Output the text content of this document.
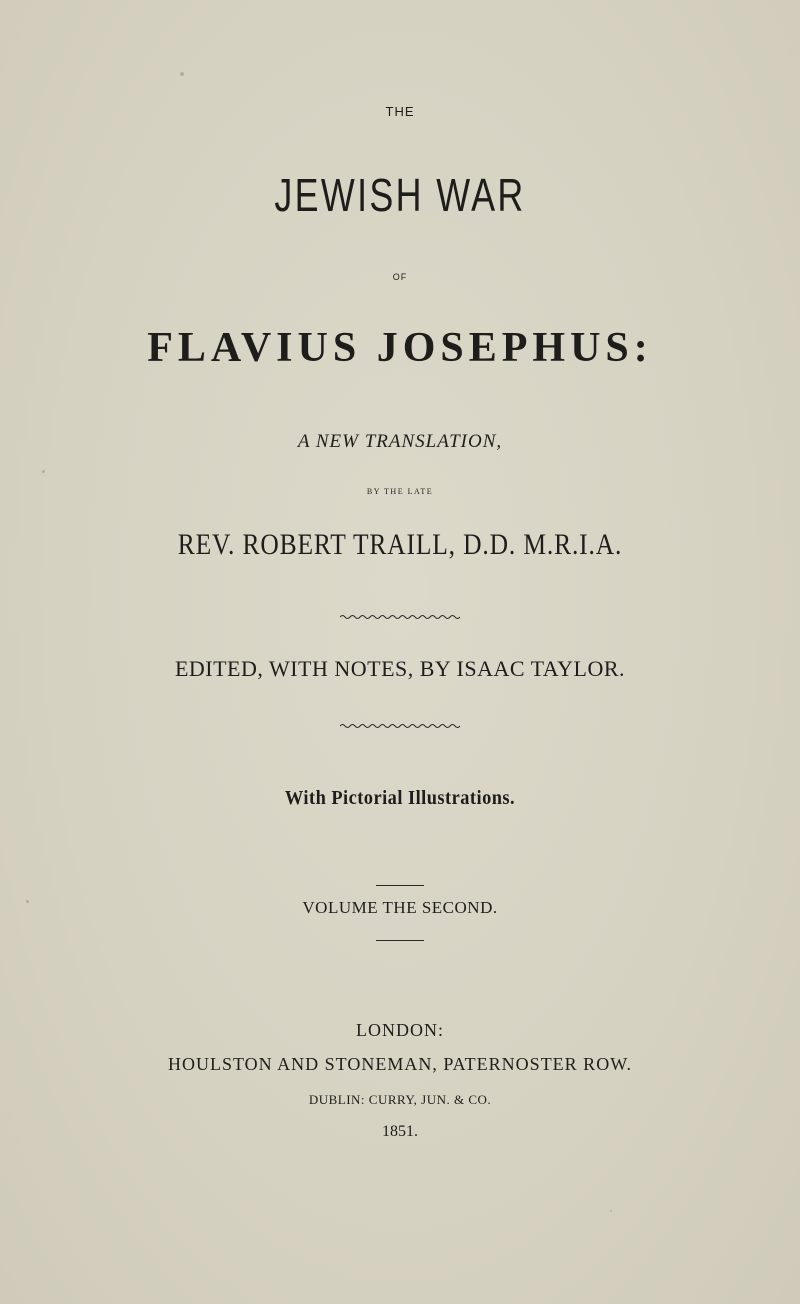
THE
JEWISH WAR
OF
FLAVIUS JOSEPHUS:
A NEW TRANSLATION,
BY THE LATE
REV. ROBERT TRAILL, D.D. M.R.I.A.
EDITED, WITH NOTES, BY ISAAC TAYLOR.
With Pictorial Illustrations.
VOLUME THE SECOND.
LONDON:
HOULSTON AND STONEMAN, PATERNOSTER ROW.
DUBLIN: CURRY, JUN. & CO.
1851.
